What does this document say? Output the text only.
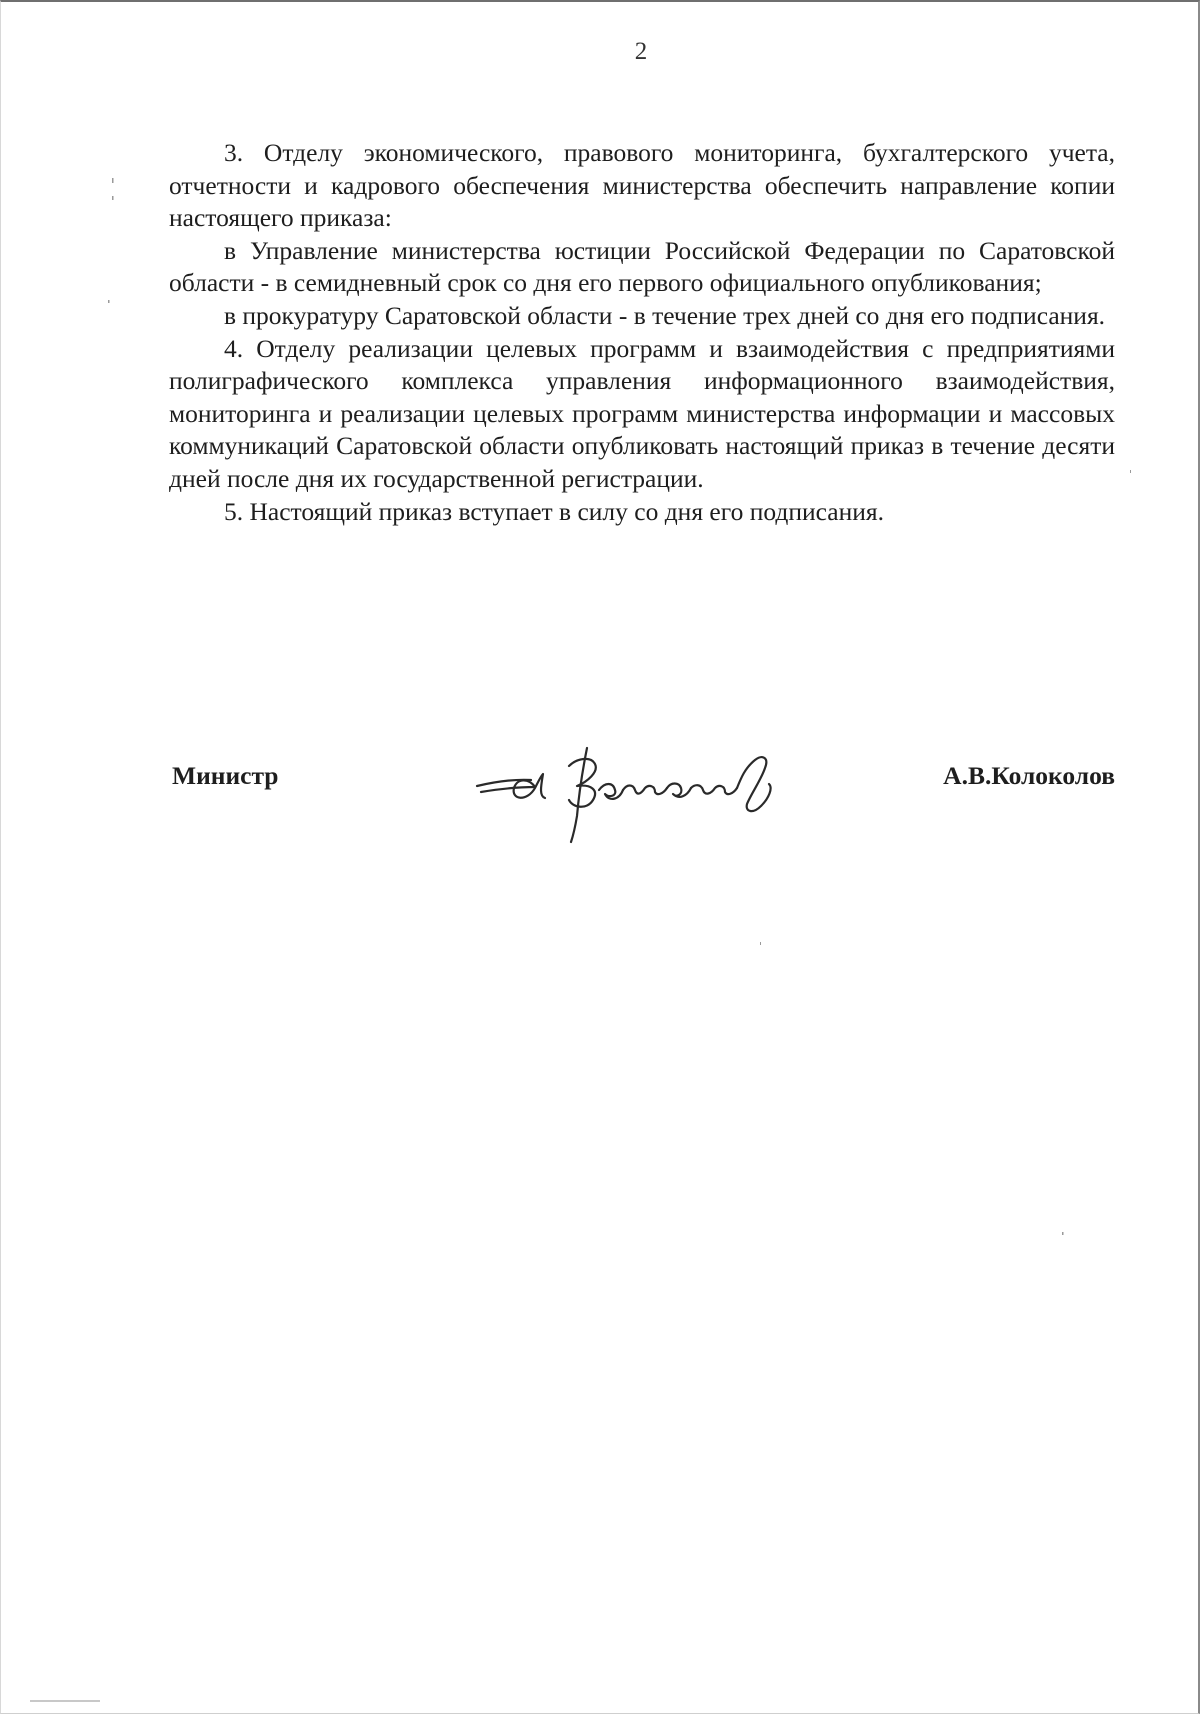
2

3. Отделу экономического, правового мониторинга, бухгалтерского учета, отчетности и кадрового обеспечения министерства обеспечить направление копии настоящего приказа:

в Управление министерства юстиции Российской Федерации по Саратовской области - в семидневный срок со дня его первого официального опубликования;

в прокуратуру Саратовской области - в течение трех дней со дня его подписания.

4. Отделу реализации целевых программ и взаимодействия с предприятиями полиграфического комплекса управления информационного взаимодействия, мониторинга и реализации целевых программ министерства информации и массовых коммуникаций Саратовской области опубликовать настоящий приказ в течение десяти дней после дня их государственной регистрации.

5. Настоящий приказ вступает в силу со дня его подписания.

Министр	А.В.Колоколов
